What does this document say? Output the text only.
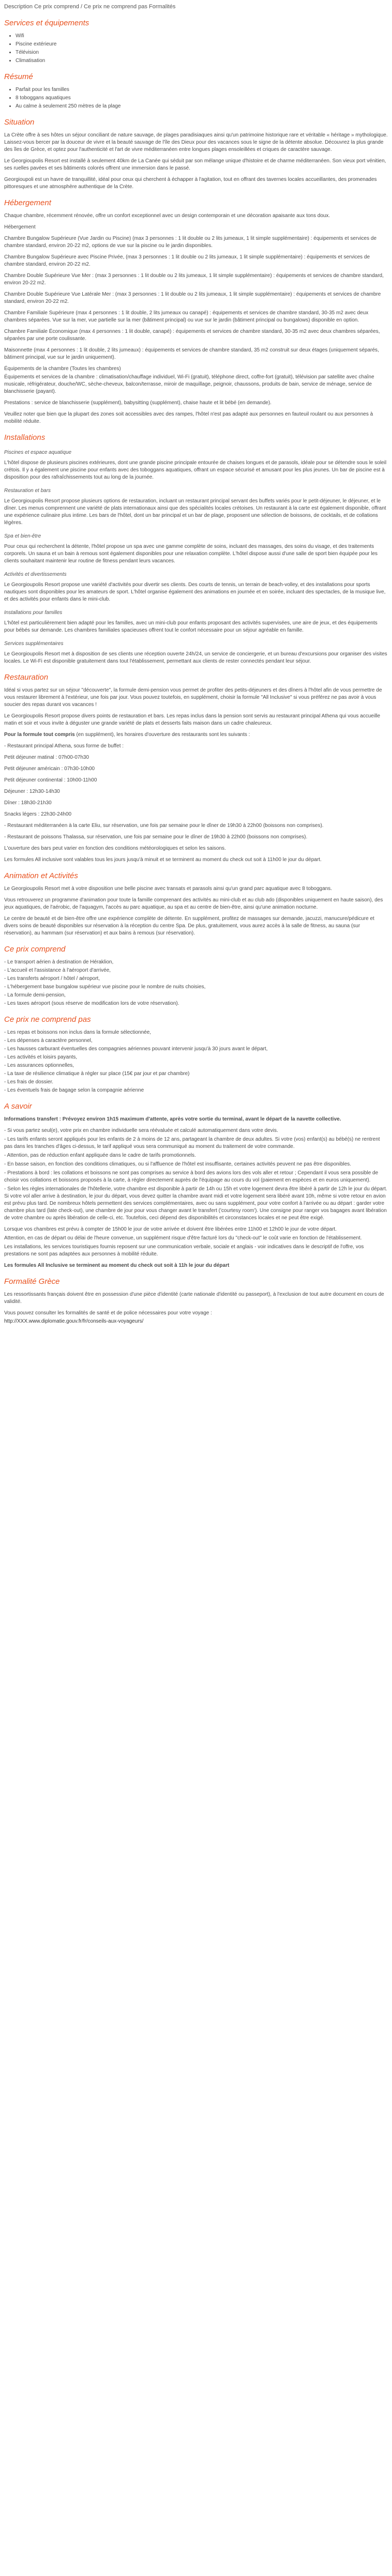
Description Ce prix comprend / Ce prix ne comprend pas Formalités
Services et équipements
• Wifi
• Piscine extérieure
• Télévision
• Climatisation
Résumé
• Parfait pour les familles
• 8 toboggans aquatiques
• Au calme à seulement 250 mètres de la plage
Situation

La Crète offre à ses hôtes un séjour conciliant de nature sauvage, de plages paradisiaques ainsi qu'un patrimoine historique rare et véritable « héritage » mythologique. Laissez-vous bercer par la douceur de vivre et la beauté sauvage de l'île des Dieux pour des vacances sous le signe de la détente absolue. Découvrez la plus grande des îles de Grèce, et optez pour l'authenticité et l'art de vivre méditerranéen entre longues plages ensoleillées et criques de caractère sauvage.

Le Georgioupolis Resort est installé à seulement 40km de La Canée qui séduit par son mélange unique d'histoire et de charme méditerranéen. Son vieux port vénitien, ses ruelles pavées et ses bâtiments colorés offrent une immersion dans le passé.

Georgioupoli est un havre de tranquillité, idéal pour ceux qui cherchent à échapper à l'agitation, tout en offrant des tavernes locales accueillantes, des promenades pittoresques et une atmosphère authentique de la Crète.

Hébergement

Chaque chambre, récemment rénovée, offre un confort exceptionnel avec un design contemporain et une décoration apaisante aux tons doux.

Hébergement

Chambre Bungalow Supérieure (Vue Jardin ou Piscine) (max 3 personnes : 1 lit double ou 2 lits jumeaux, 1 lit simple supplémentaire) : équipements et services de chambre standard, environ 20-22 m2, options de vue sur la piscine ou le jardin disponibles.

Chambre Bungalow Supérieure avec Piscine Privée, (max 3 personnes : 1 lit double ou 2 lits jumeaux, 1 lit simple supplémentaire) : équipements et services de chambre standard, environ 20-22 m2.

Chambre Double Supérieure Vue Mer : (max 3 personnes : 1 lit double ou 2 lits jumeaux, 1 lit simple supplémentaire) : équipements et services de chambre standard, environ 20-22 m2.

Chambre Double Supérieure Vue Latérale Mer : (max 3 personnes : 1 lit double ou 2 lits jumeaux, 1 lit simple supplémentaire) : équipements et services de chambre standard, environ 20-22 m2.

Chambre Familiale Supérieure (max 4 personnes : 1 lit double, 2 lits jumeaux ou canapé) : équipements et services de chambre standard, 30-35 m2 avec deux chambres séparées. Vue sur la mer, vue partielle sur la mer (bâtiment principal) ou vue sur le jardin (bâtiment principal ou bungalows) disponible en option.

Chambre Familiale Économique (max 4 personnes : 1 lit double, canapé) : équipements et services de chambre standard, 30-35 m2 avec deux chambres séparées, séparées par une porte coulissante.

Maisonnette (max 4 personnes : 1 lit double, 2 lits jumeaux) : équipements et services de chambre standard, 35 m2 construit sur deux étages (uniquement séparés, bâtiment principal, vue sur le jardin uniquement).

Équipements de la chambre (Toutes les chambres)

Équipements et services de la chambre : climatisation/chauffage individuel, Wi-Fi (gratuit), téléphone direct, coffre-fort (gratuit), télévision par satellite avec chaîne musicale, réfrigérateur, douche/WC, sèche-cheveux, balcon/terrasse, miroir de maquillage, peignoir, chaussons, produits de bain, service de ménage, service de blanchisserie (payant).

Prestations : service de blanchisserie (supplément), babysitting (supplément), chaise haute et lit bébé (en demande).

Veuillez noter que bien que la plupart des zones soit accessibles avec des rampes, l'hôtel n'est pas adapté aux personnes en fauteuil roulant ou aux personnes à mobilité réduite.

Installations
Piscines et espace aquatique

L'hôtel dispose de plusieurs piscines extérieures, dont une grande piscine principale entourée de chaises longues et de parasols, idéale pour se détendre sous le soleil crétois. Il y a également une piscine pour enfants avec des toboggans aquatiques, offrant un espace sécurisé et amusant pour les plus jeunes. Un bar de piscine est à disposition pour des rafraîchissements tout au long de la journée.

Restauration et bars

Le Georgioupolis Resort propose plusieurs options de restauration, incluant un restaurant principal servant des buffets variés pour le petit-déjeuner, le déjeuner, et le dîner. Les menus comprennent une variété de plats internationaux ainsi que des spécialités locales crétoises. Un restaurant à la carte est également disponible, offrant une expérience culinaire plus intime. Les bars de l'hôtel, dont un bar principal et un bar de plage, proposent une sélection de boissons, de cocktails, et de collations légères.

Spa et bien-être

Pour ceux qui recherchent la détente, l'hôtel propose un spa avec une gamme complète de soins, incluant des massages, des soins du visage, et des traitements corporels. Un sauna et un bain à remous sont également disponibles pour une relaxation complète. L'hôtel dispose aussi d'une salle de sport bien équipée pour les clients souhaitant maintenir leur routine de fitness pendant leurs vacances.

Activités et divertissements

Le Georgioupolis Resort propose une variété d'activités pour divertir ses clients. Des courts de tennis, un terrain de beach-volley, et des installations pour sports nautiques sont disponibles pour les amateurs de sport. L'hôtel organise également des animations en journée et en soirée, incluant des spectacles, de la musique live, et des activités pour enfants dans le mini-club.

Installations pour familles

L'hôtel est particulièrement bien adapté pour les familles, avec un mini-club pour enfants proposant des activités supervisées, une aire de jeux, et des équipements pour bébés sur demande. Les chambres familiales spacieuses offrent tout le confort nécessaire pour un séjour agréable en famille.

Services supplémentaires

Le Georgioupolis Resort met à disposition de ses clients une réception ouverte 24h/24, un service de conciergerie, et un bureau d'excursions pour organiser des visites locales. Le Wi-Fi est disponible gratuitement dans tout l'établissement, permettant aux clients de rester connectés pendant leur séjour.

Restauration

Idéal si vous partez sur un séjour "découverte", la formule demi-pension vous permet de profiter des petits-déjeuners et des dîners à l'hôtel afin de vous permettre de vous restaurer librement à l'extérieur, une fois par jour. Vous pouvez toutefois, en supplément, choisir la formule "All Inclusive" si vous préférez ne pas avoir à vous soucier des repas durant vos vacances !

Le Georgioupolis Resort propose divers points de restauration et bars. Les repas inclus dans la pension sont servis au restaurant principal Athena qui vous accueille matin et soir et vous invite à déguster une grande variété de plats et desserts faits maison dans un cadre chaleureux.

Pour la formule tout compris (en supplément), les horaires d'ouverture des restaurants sont les suivants :

- Restaurant principal Athena, sous forme de buffet :

Petit déjeuner matinal : 07h00-07h30

Petit déjeuner américain : 07h30-10h00

Petit déjeuner continental : 10h00-11h00

Déjeuner : 12h30-14h30

Dîner : 18h30-21h30

Snacks légers : 22h30-24h00

- Restaurant méditerranéen à la carte Eliu, sur réservation, une fois par semaine pour le dîner de 19h30 à 22h00 (boissons non comprises).

- Restaurant de poissons Thalassa, sur réservation, une fois par semaine pour le dîner de 19h30 à 22h00 (boissons non comprises).

L'ouverture des bars peut varier en fonction des conditions météorologiques et selon les saisons.

Les formules All inclusive sont valables tous les jours jusqu'à minuit et se terminent au moment du check out soit à 11h00 le jour du départ.

Animation et Activités

Le Georgioupolis Resort met à votre disposition une belle piscine avec transats et parasols ainsi qu'un grand parc aquatique avec 8 toboggans.

Vous retrouverez un programme d'animation pour toute la famille comprenant des activités au mini-club et au club ado (disponibles uniquement en haute saison), des jeux aquatiques, de l'aérobic, de l'aquagym, l'accès au parc aquatique, au spa et au centre de bien-être, ainsi qu'une animation nocturne.

Le centre de beauté et de bien-être offre une expérience complète de détente. En supplément, profitez de massages sur demande, jacuzzi, manucure/pédicure et divers soins de beauté disponibles sur réservation à la réception du centre Spa. De plus, gratuitement, vous aurez accès à la salle de fitness, au sauna (sur réservation), au hammam (sur réservation) et aux bains à remous (sur réservation).

Ce prix comprend

- Le transport aérien à destination de Héraklion,

- L'accueil et l'assistance à l'aéroport d'arrivée,

- Les transferts aéroport / hôtel / aéroport,

- L'hébergement base bungalow supérieur vue piscine pour le nombre de nuits choisies,

- La formule demi-pension,

- Les taxes aéroport (sous réserve de modification lors de votre réservation).

Ce prix ne comprend pas

- Les repas et boissons non inclus dans la formule sélectionnée,

- Les dépenses à caractère personnel,

- Les hausses carburant éventuelles des compagnies aériennes pouvant intervenir jusqu'à 30 jours avant le départ,

- Les activités et loisirs payants,

- Les assurances optionnelles,

- La taxe de résilience climatique à régler sur place (15€ par jour et par chambre)

- Les frais de dossier.

- Les éventuels frais de bagage selon la compagnie aérienne

A savoir

Informations transfert : Prévoyez environ 1h15 maximum d'attente, après votre sortie du terminal, avant le départ de la navette collective.

- Si vous partez seul(e), votre prix en chambre individuelle sera réévaluée et calculé automatiquement dans votre devis.

- Les tarifs enfants seront appliqués pour les enfants de 2 à moins de 12 ans, partageant la chambre de deux adultes. Si votre (vos) enfant(s) au bébé(s) ne rentrent pas dans les tranches d'âges ci-dessus, le tarif appliqué vous sera communiqué au moment du traitement de votre commande.

- Attention, pas de réduction enfant appliquée dans le cadre de tarifs promotionnels.

- En basse saison, en fonction des conditions climatiques, ou si l'affluence de l'hôtel est insuffisante, certaines activités peuvent ne pas être disponibles.

- Prestations à bord : les collations et boissons ne sont pas comprises au service à bord des avions lors des vols aller et retour ; Cependant il vous sera possible de choisir vos collations et boissons proposés à la carte, à régler directement auprès de l'équipage au cours du vol (paiement en espèces et en euros uniquement).

- Selon les règles internationales de l'hôtellerie, votre chambre est disponible à partir de 14h ou 15h et votre logement devra être libéré à partir de 12h le jour du départ. Si votre vol aller arrive à destination, le jour du départ, vous devez quitter la chambre avant midi et votre logement sera libéré avant 10h, même si votre retour en avion est prévu plus tard. De nombreux hôtels permettent des services complémentaires, avec ou sans supplément, pour votre confort à l'arrivée ou au départ : garder votre chambre plus tard (late check-out), une chambre de jour pour vous changer avant le transfert ('courtesy room'). Une consigne pour ranger vos bagages avant libération de votre chambre ou après libération de celle-ci, etc. Toutefois, ceci dépend des disponibilités et circonstances locales et ne peut être exigé.

Lorsque vos chambres est prévu à compter de 15h00 le jour de votre arrivée et doivent être libérées entre 11h00 et 12h00 le jour de votre départ.

Attention, en cas de départ ou délai de l'heure convenue, un supplément risque d'être facturé lors du "check-out" le coût varie en fonction de l'établissement.

Les installations, les services touristiques fournis reposent sur une communication verbale, sociale et anglais - voir indicatives dans le descriptif de l'offre, vos prestations ne sont pas adaptées aux personnes à mobilité réduite.

Les formules All Inclusive se terminent au moment du check out soit à 11h le jour du départ

Formalité Grèce

Les ressortissants français doivent être en possession d'une pièce d'identité (carte nationale d'identité ou passeport), à l'exclusion de tout autre document en cours de validité.

Vous pouvez consulter les formalités de santé et de police nécessaires pour votre voyage :

http://XXX.www.diplomatie.gouv.fr/fr/conseils-aux-voyageurs/
